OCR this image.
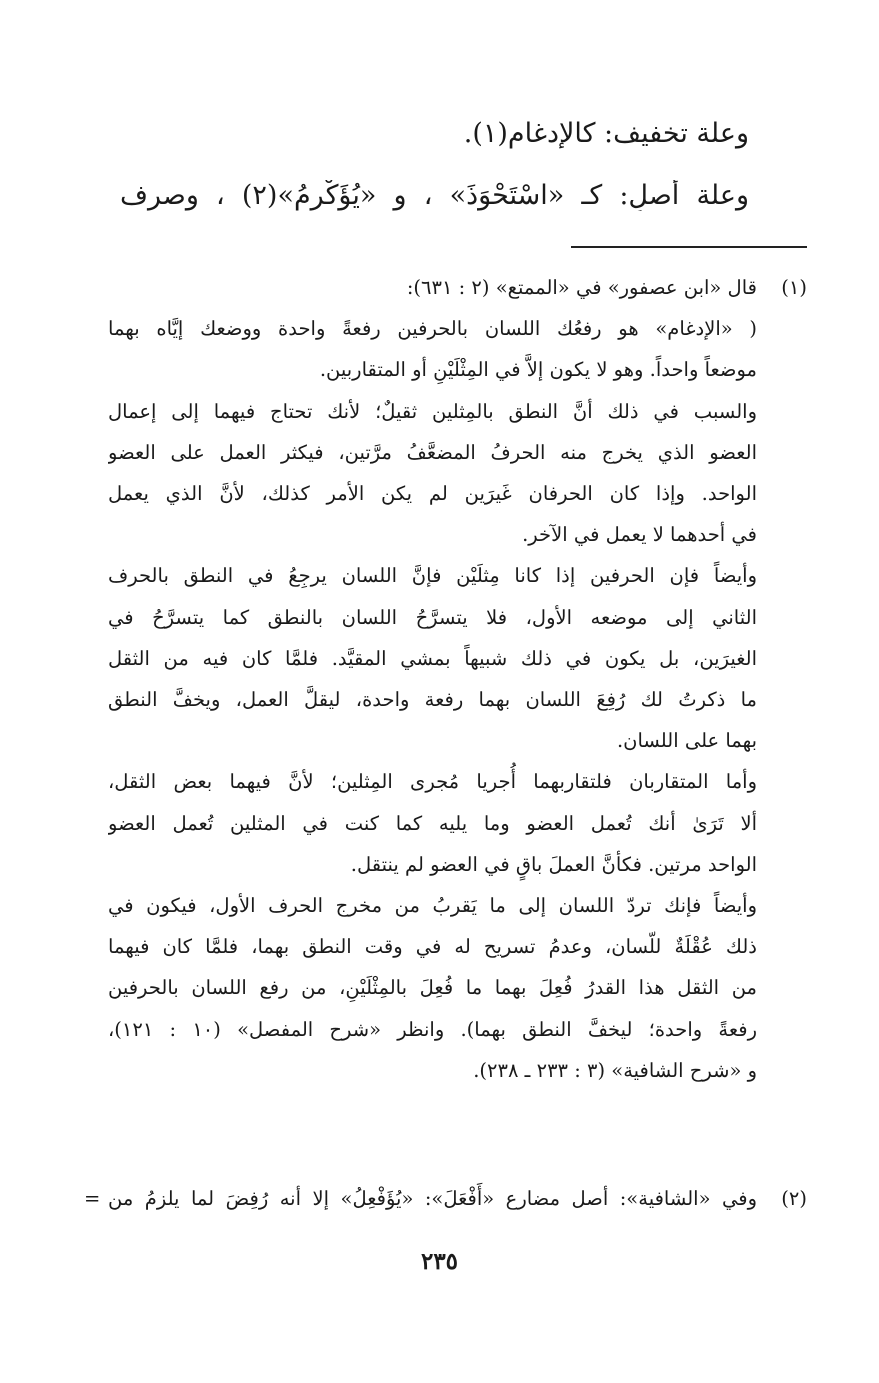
وعلة تخفيف: كالإدغام(١).
وعلة أصلٍ: كـ «اسْتَحْوَذَ» ، و «يُؤَكْرِمُ»(٢) ، وصرف
(١)

قال «ابن عصفور» في «الممتع» (٢ : ٦٣١):

( «الإدغام» هو رفعُك اللسان بالحرفين رفعةً واحدة ووضعك إيَّاه بهما

موضعاً واحداً. وهو لا يكون إلاَّ في المِثْلَيْنِ أو المتقاربين.

والسبب في ذلك أنَّ النطق بالمِثلين ثقيلٌ؛ لأنك تحتاج فيهما إلى إعمال

العضو الذي يخرج منه الحرفُ المضعَّفُ مرَّتين، فيكثر العمل على العضو

الواحد. وإذا كان الحرفان غَيرَين لم يكن الأمر كذلك، لأنَّ الذي يعمل

في أحدهما لا يعمل في الآخر.

وأيضاً فإن الحرفين إذا كانا مِثلَيْن فإنَّ اللسان يرجِعُ في النطق بالحرف

الثاني إلى موضعه الأول، فلا يتسرَّحُ اللسان بالنطق كما يتسرَّحُ في

الغيرَين، بل يكون في ذلك شبيهاً بمشي المقيَّد. فلمَّا كان فيه من الثقل

ما ذكرتُ لك رُفِعَ اللسان بهما رفعة واحدة، ليقلَّ العمل، ويخفَّ النطق

بهما على اللسان.

وأما المتقاربان فلتقاربهما أُجريا مُجرى المِثلين؛ لأنَّ فيهما بعض الثقل،

ألا تَرَىٰ أنك تُعمل العضو وما يليه كما كنت في المثلين تُعمل العضو

الواحد مرتين. فكأنَّ العملَ باقٍ في العضو لم ينتقل.

وأيضاً فإنك تردّ اللسان إلى ما يَقربُ من مخرج الحرف الأول، فيكون في

ذلك عُقْلَةٌ للّسان، وعدمُ تسريح له في وقت النطق بهما، فلمَّا كان فيهما

من الثقل هذا القدرُ فُعِلَ بهما ما فُعِلَ بالمِثْلَيْنِ، من رفع اللسان بالحرفين

رفعةً واحدة؛ ليخفَّ النطق بهما). وانظر «شرح المفصل» (١٠ : ١٢١)،

و «شرح الشافية» (٣ : ٢٣٣ ـ ٢٣٨).

(٢)
= وفي «الشافية»: أصل مضارع «أَفْعَلَ»: «يُؤَفْعِلُ» إلا أنه رُفِضَ لما يلزمُ من

٢٣٥
